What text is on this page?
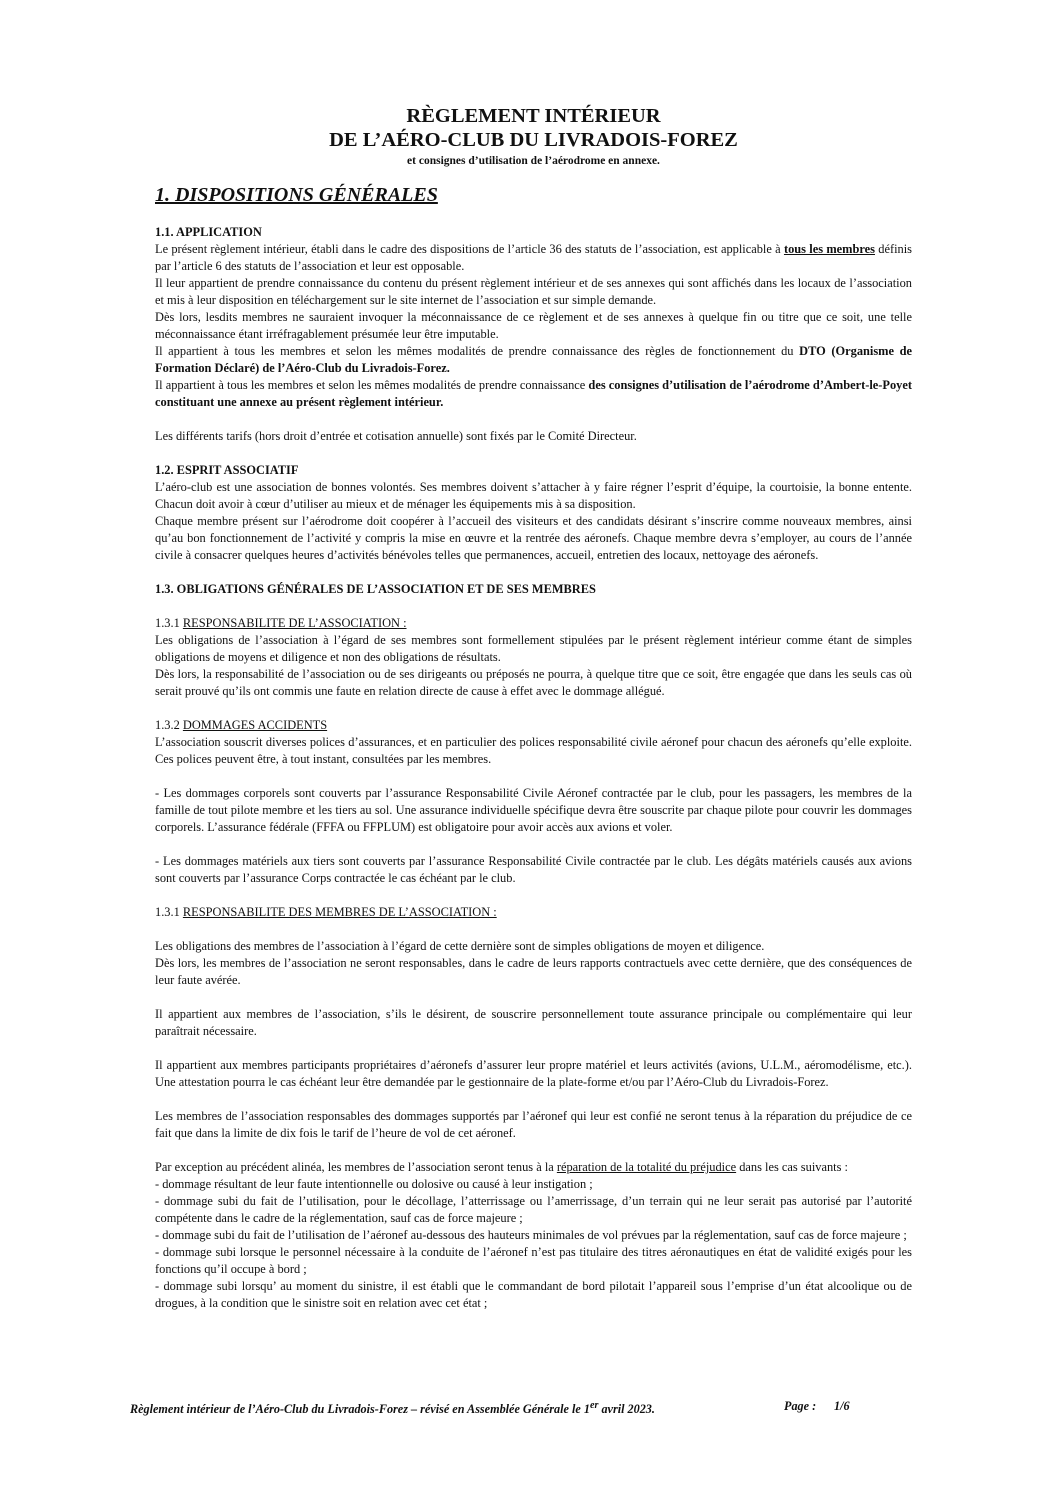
RÈGLEMENT INTÉRIEUR
DE L’AÉRO-CLUB DU LIVRADOIS-FOREZ
et consignes d’utilisation de l’aérodrome en annexe.
1. DISPOSITIONS GÉNÉRALES
1.1. APPLICATION

Le présent règlement intérieur, établi dans le cadre des dispositions de l’article 36 des statuts de l’association, est applicable à tous les membres définis par l’article 6 des statuts de l’association et leur est opposable.

Il leur appartient de prendre connaissance du contenu du présent règlement intérieur et de ses annexes qui sont affichés dans les locaux de l’association et mis à leur disposition en téléchargement sur le site internet de l’association et sur simple demande.

Dès lors, lesdits membres ne sauraient invoquer la méconnaissance de ce règlement et de ses annexes à quelque fin ou titre que ce soit, une telle méconnaissance étant irréfragablement présumée leur être imputable.

Il appartient à tous les membres et selon les mêmes modalités de prendre connaissance des règles de fonctionnement du DTO (Organisme de Formation Déclaré) de l’Aéro-Club du Livradois-Forez.

Il appartient à tous les membres et selon les mêmes modalités de prendre connaissance des consignes d’utilisation de l’aérodrome d’Ambert-le-Poyet constituant une annexe au présent règlement intérieur.

Les différents tarifs (hors droit d’entrée et cotisation annuelle) sont fixés par le Comité Directeur.

1.2. ESPRIT ASSOCIATIF

L’aéro-club est une association de bonnes volontés. Ses membres doivent s’attacher à y faire régner l’esprit d’équipe, la courtoisie, la bonne entente. Chacun doit avoir à cœur d’utiliser au mieux et de ménager les équipements mis à sa disposition.

Chaque membre présent sur l’aérodrome doit coopérer à l’accueil des visiteurs et des candidats désirant s’inscrire comme nouveaux membres, ainsi qu’au bon fonctionnement de l’activité y compris la mise en œuvre et la rentrée des aéronefs. Chaque membre devra s’employer, au cours de l’année civile à consacrer quelques heures d’activités bénévoles telles que permanences, accueil, entretien des locaux, nettoyage des aéronefs.

1.3. OBLIGATIONS GÉNÉRALES DE L’ASSOCIATION ET DE SES MEMBRES
1.3.1 RESPONSABILITE DE L’ASSOCIATION :

Les obligations de l’association à l’égard de ses membres sont formellement stipulées par le présent règlement intérieur comme étant de simples obligations de moyens et diligence et non des obligations de résultats.

Dès lors, la responsabilité de l’association ou de ses dirigeants ou préposés ne pourra, à quelque titre que ce soit, être engagée que dans les seuls cas où serait prouvé qu’ils ont commis une faute en relation directe de cause à effet avec le dommage allégué.

1.3.2 DOMMAGES ACCIDENTS

L’association souscrit diverses polices d’assurances, et en particulier des polices responsabilité civile aéronef pour chacun des aéronefs qu’elle exploite. Ces polices peuvent être, à tout instant, consultées par les membres.

- Les dommages corporels sont couverts par l’assurance Responsabilité Civile Aéronef contractée par le club, pour les passagers, les membres de la famille de tout pilote membre et les tiers au sol. Une assurance individuelle spécifique devra être souscrite par chaque pilote pour couvrir les dommages corporels. L’assurance fédérale (FFFA ou FFPLUM) est obligatoire pour avoir accès aux avions et voler.

- Les dommages matériels aux tiers sont couverts par l’assurance Responsabilité Civile contractée par le club. Les dégâts matériels causés aux avions sont couverts par l’assurance Corps contractée le cas échéant par le club.

1.3.1 RESPONSABILITE DES MEMBRES DE L’ASSOCIATION :

Les obligations des membres de l’association à l’égard de cette dernière sont de simples obligations de moyen et diligence.

Dès lors, les membres de l’association ne seront responsables, dans le cadre de leurs rapports contractuels avec cette dernière, que des conséquences de leur faute avérée.

Il appartient aux membres de l’association, s’ils le désirent, de souscrire personnellement toute assurance principale ou complémentaire qui leur paraîtrait nécessaire.

Il appartient aux membres participants propriétaires d’aéronefs d’assurer leur propre matériel et leurs activités (avions, U.L.M., aéromodélisme, etc.). Une attestation pourra le cas échéant leur être demandée par le gestionnaire de la plate-forme et/ou par l’Aéro-Club du Livradois-Forez.

Les membres de l’association responsables des dommages supportés par l’aéronef qui leur est confié ne seront tenus à la réparation du préjudice de ce fait que dans la limite de dix fois le tarif de l’heure de vol de cet aéronef.

Par exception au précédent alinéa, les membres de l’association seront tenus à la réparation de la totalité du préjudice dans les cas suivants :

- dommage résultant de leur faute intentionnelle ou dolosive ou causé à leur instigation ;

- dommage subi du fait de l’utilisation, pour le décollage, l’atterrissage ou l’amerrissage, d’un terrain qui ne leur serait pas autorisé par l’autorité compétente dans le cadre de la réglementation, sauf cas de force majeure ;

- dommage subi du fait de l’utilisation de l’aéronef au-dessous des hauteurs minimales de vol prévues par la réglementation, sauf cas de force majeure ;

- dommage subi lorsque le personnel nécessaire à la conduite de l’aéronef n’est pas titulaire des titres aéronautiques en état de validité exigés pour les fonctions qu’il occupe à bord ;

- dommage subi lorsqu’ au moment du sinistre, il est établi que le commandant de bord pilotait l’appareil sous l’emprise d’un état alcoolique ou de drogues, à la condition que le sinistre soit en relation avec cet état ;

Règlement intérieur de l’Aéro-Club du Livradois-Forez – révisé en Assemblée Générale le 1er avril 2023.	Page : 1/6
